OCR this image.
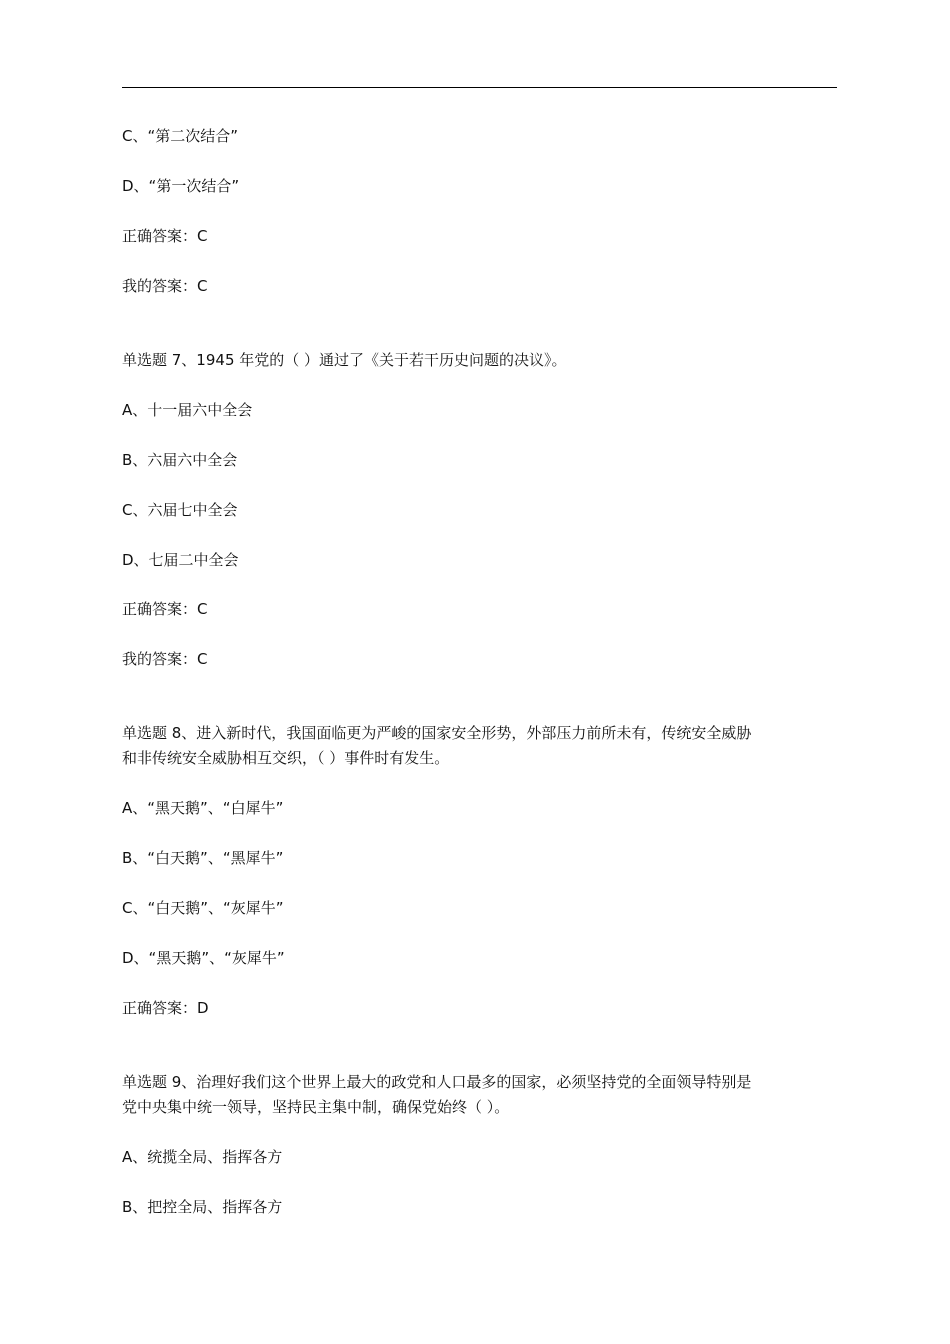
C、“第二次结合”
D、“第一次结合”
正确答案：C
我的答案：C
单选题 7、1945 年党的（ ）通过了《关于若干历史问题的决议》。
A、十一届六中全会
B、六届六中全会
C、六届七中全会
D、七届二中全会
正确答案：C
我的答案：C
单选题 8、进入新时代，我国面临更为严峻的国家安全形势，外部压力前所未有，传统安全威胁
和非传统安全威胁相互交织，（ ）事件时有发生。
A、“黑天鹅”、“白犀牛”
B、“白天鹅”、“黑犀牛”
C、“白天鹅”、“灰犀牛”
D、“黑天鹅”、“灰犀牛”
正确答案：D
单选题 9、治理好我们这个世界上最大的政党和人口最多的国家，必须坚持党的全面领导特别是
党中央集中统一领导，坚持民主集中制，确保党始终（ ）。
A、统揽全局、指挥各方
B、把控全局、指挥各方
